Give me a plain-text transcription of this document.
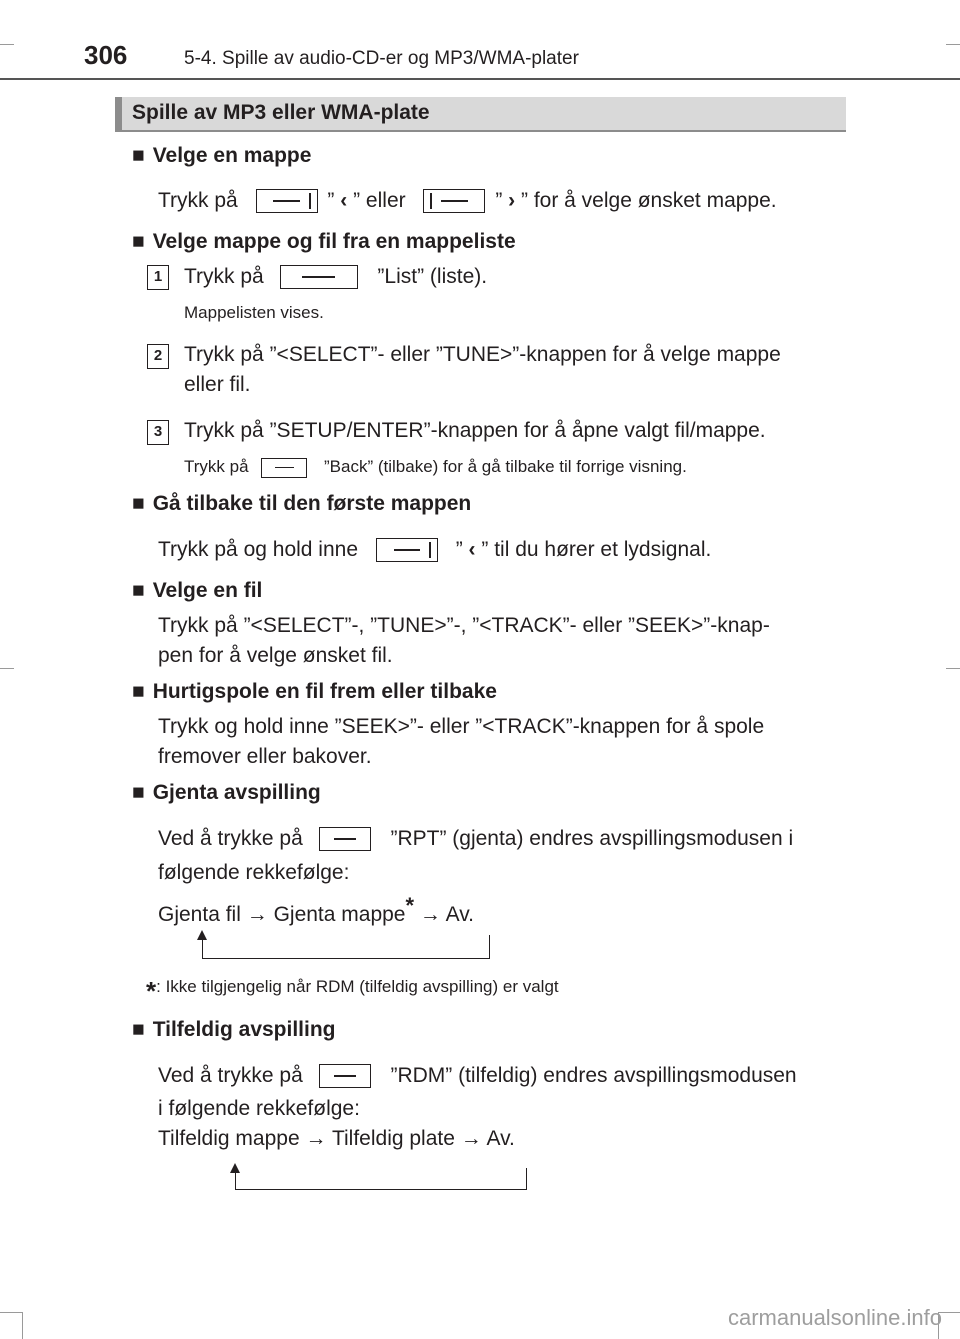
306	5-4. Spille av audio-CD-er og MP3/WMA-plater
Spille av MP3 eller WMA-plate
■ Velge en mappe
Trykk på	” ‹ ” eller	” › ” for å velge ønsket mappe.
■ Velge mappe og fil fra en mappeliste
1	Trykk på	”List” (liste).
Mappelisten vises.
2	Trykk på ”<SELECT”- eller ”TUNE>”-knappen for å velge mappe
eller fil.
3	Trykk på ”SETUP/ENTER”-knappen for å åpne valgt fil/mappe.
Trykk på	”Back” (tilbake) for å gå tilbake til forrige visning.
■ Gå tilbake til den første mappen
Trykk på og hold inne	” ‹ ” til du hører et lydsignal.
■ Velge en fil
Trykk på ”<SELECT”-, ”TUNE>”-, ”<TRACK”- eller ”SEEK>”-knap-
pen for å velge ønsket fil.
■ Hurtigspole en fil frem eller tilbake
Trykk og hold inne ”SEEK>”- eller ”<TRACK”-knappen for å spole
fremover eller bakover.
■ Gjenta avspilling
Ved å trykke på	”RPT” (gjenta) endres avspillingsmodusen i
følgende rekkefølge:
Gjenta fil → Gjenta mappe* → Av.
*: Ikke tilgjengelig når RDM (tilfeldig avspilling) er valgt
■ Tilfeldig avspilling
Ved å trykke på	”RDM” (tilfeldig) endres avspillingsmodusen
i følgende rekkefølge:
Tilfeldig mappe → Tilfeldig plate → Av.
carmanualsonline.info
